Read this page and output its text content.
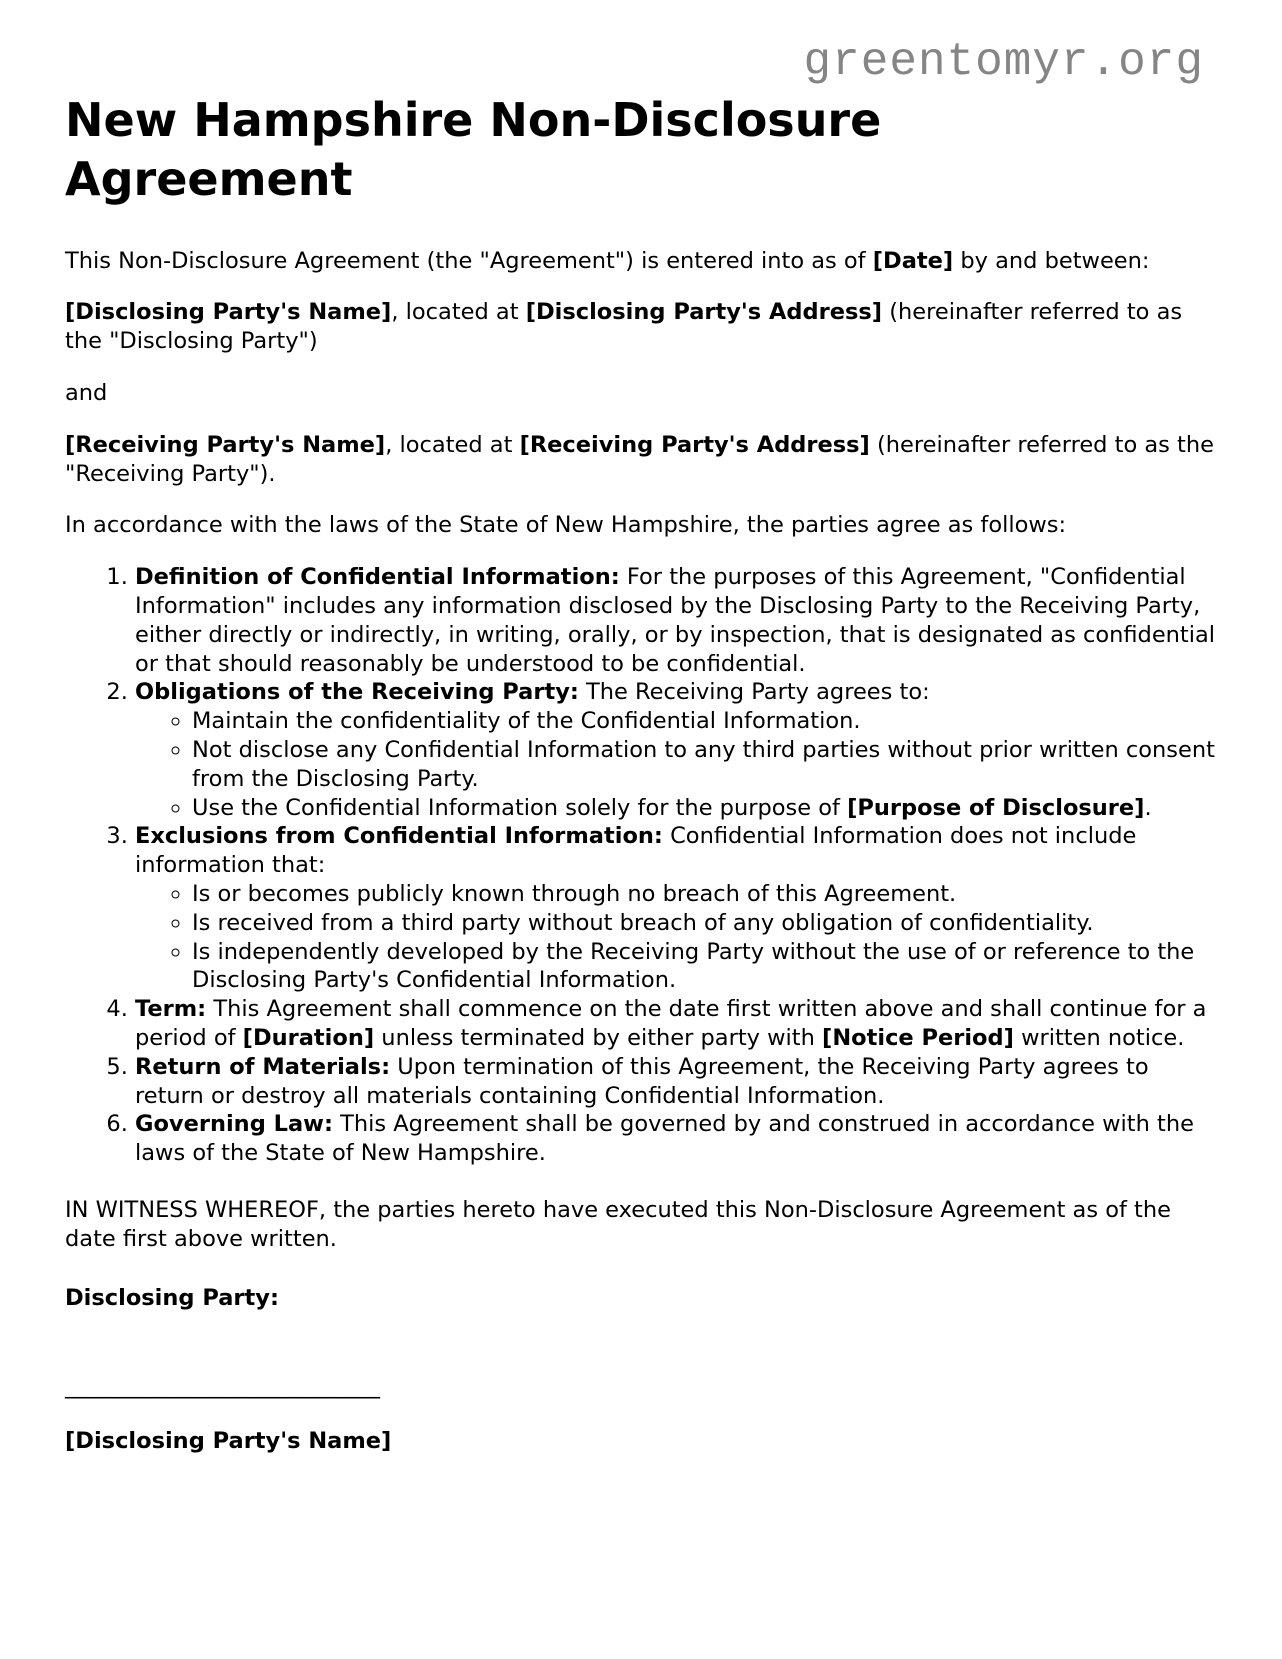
greentomyr.org
New Hampshire Non-Disclosure Agreement

This Non-Disclosure Agreement (the "Agreement") is entered into as of [Date] by and between:

[Disclosing Party's Name], located at [Disclosing Party's Address] (hereinafter referred to as the "Disclosing Party")

and

[Receiving Party's Name], located at [Receiving Party's Address] (hereinafter referred to as the "Receiving Party").

In accordance with the laws of the State of New Hampshire, the parties agree as follows:

1. Definition of Confidential Information: For the purposes of this Agreement, "Confidential Information" includes any information disclosed by the Disclosing Party to the Receiving Party, either directly or indirectly, in writing, orally, or by inspection, that is designated as confidential or that should reasonably be understood to be confidential.
2. Obligations of the Receiving Party: The Receiving Party agrees to:
◦ Maintain the confidentiality of the Confidential Information.
◦ Not disclose any Confidential Information to any third parties without prior written consent from the Disclosing Party.
◦ Use the Confidential Information solely for the purpose of [Purpose of Disclosure].
3. Exclusions from Confidential Information: Confidential Information does not include information that:
◦ Is or becomes publicly known through no breach of this Agreement.
◦ Is received from a third party without breach of any obligation of confidentiality.
◦ Is independently developed by the Receiving Party without the use of or reference to the Disclosing Party's Confidential Information.
4. Term: This Agreement shall commence on the date first written above and shall continue for a period of [Duration] unless terminated by either party with [Notice Period] written notice.
5. Return of Materials: Upon termination of this Agreement, the Receiving Party agrees to return or destroy all materials containing Confidential Information.
6. Governing Law: This Agreement shall be governed by and construed in accordance with the laws of the State of New Hampshire.

IN WITNESS WHEREOF, the parties hereto have executed this Non-Disclosure Agreement as of the date first above written.

Disclosing Party:

____________________________

[Disclosing Party's Name]
